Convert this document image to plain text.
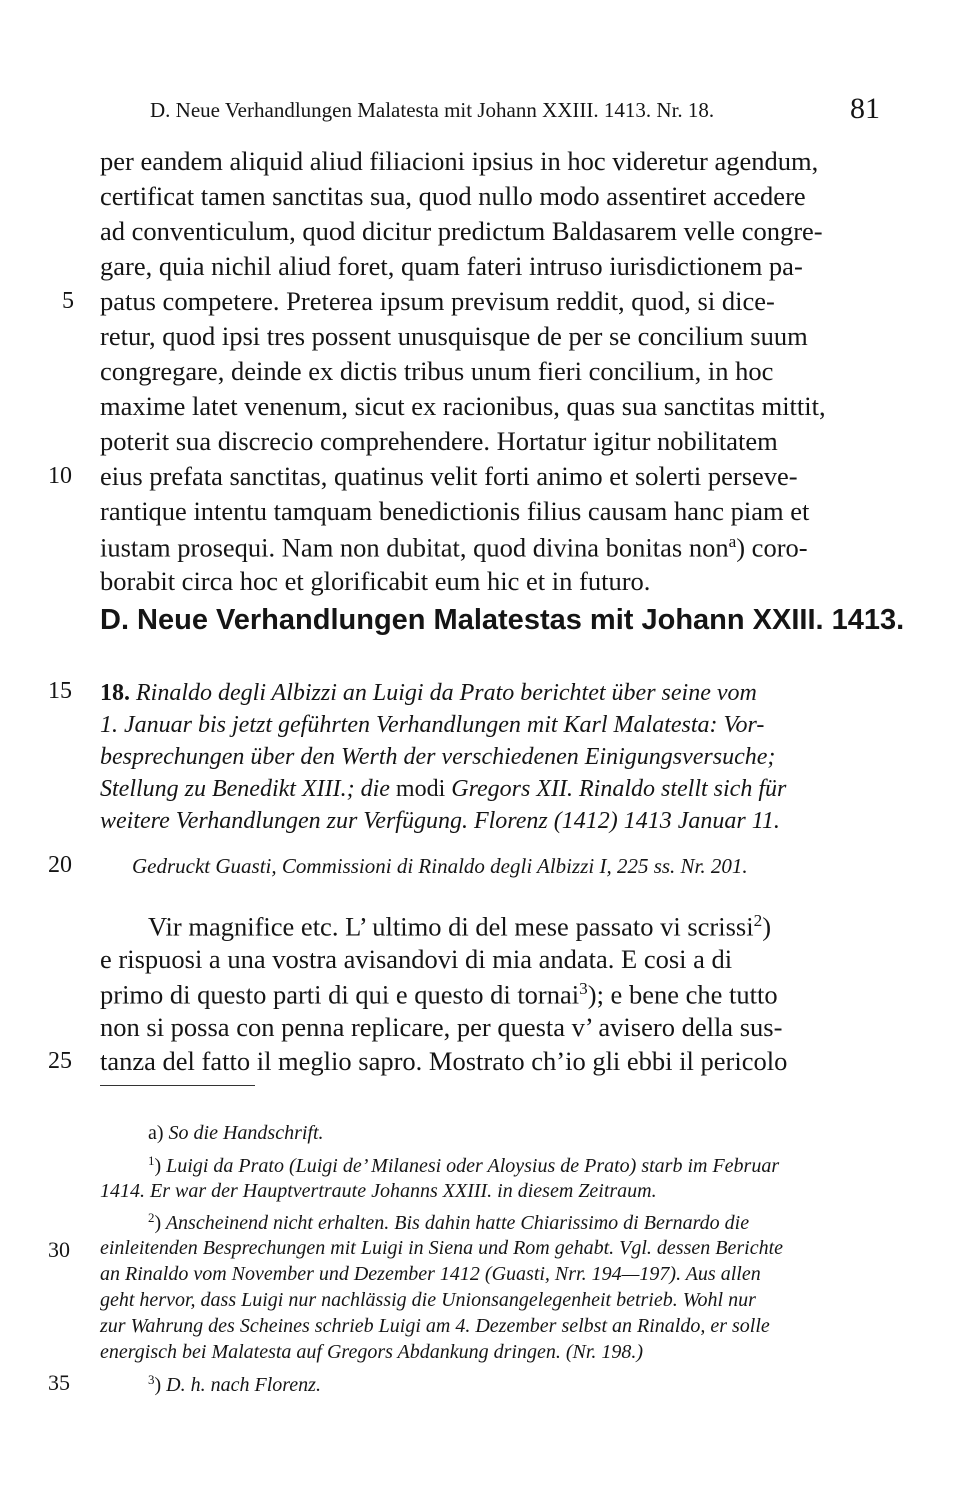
D. Neue Verhandlungen Malatesta mit Johann XXIII. 1413. Nr. 18.	81
per eandem aliquid aliud filiacioni ipsius in hoc videretur agendum,
certificat tamen sanctitas sua, quod nullo modo assentiret accedere
ad conventiculum, quod dicitur predictum Baldasarem velle congre-
gare, quia nichil aliud foret, quam fateri intruso iurisdictionem pa-
patus competere. Preterea ipsum previsum reddit, quod, si dice-
retur, quod ipsi tres possent unusquisque de per se concilium suum
congregare, deinde ex dictis tribus unum fieri concilium, in hoc
maxime latet venenum, sicut ex racionibus, quas sua sanctitas mittit,
poterit sua discrecio comprehendere. Hortatur igitur nobilitatem
eius prefata sanctitas, quatinus velit forti animo et solerti perseve-
rantique intentu tamquam benedictionis filius causam hanc piam et
iustam prosequi. Nam non dubitat, quod divina bonitas non$^a$) coro-
borabit circa hoc et glorificabit eum hic et in futuro.
5
10
D. Neue Verhandlungen Malatestas mit Johann XXIII. 1413.
15 18. Rinaldo degli Albizzi an Luigi da Prato berichtet über seine vom
1. Januar bis jetzt geführten Verhandlungen mit Karl Malatesta: Vor-
besprechungen über den Werth der verschiedenen Einigungsversuche;
Stellung zu Benedikt XIII.; die modi Gregors XII. Rinaldo stellt sich für
weitere Verhandlungen zur Verfügung. Florenz (1412) 1413 Januar 11.
20	Gedruckt Guasti, Commissioni di Rinaldo degli Albizzi I, 225 ss. Nr. 201.
Vir magnifice etc. L’ ultimo di del mese passato vi scrissi$^2$)
e rispuosi a una vostra avisandovi di mia andata. E cosi a di
primo di questo parti di qui e questo di tornai$^3$); e bene che tutto
non si possa con penna replicare, per questa v’ avisero della sus-
tanza del fatto il meglio sapro. Mostrato ch’io gli ebbi il pericolo
25
a) So die Handschrift.
$^1$) Luigi da Prato (Luigi de’ Milanesi oder Aloysius de Prato) starb im Februar
1414. Er war der Hauptvertraute Johanns XXIII. in diesem Zeitraum.
$^2$) Anscheinend nicht erhalten. Bis dahin hatte Chiarissimo di Bernardo die
einleitenden Besprechungen mit Luigi in Siena und Rom gehabt. Vgl. dessen Berichte
an Rinaldo vom November und Dezember 1412 (Guasti, Nrr. 194—197). Aus allen
geht hervor, dass Luigi nur nachlässig die Unionsangelegenheit betrieb. Wohl nur
zur Wahrung des Scheines schrieb Luigi am 4. Dezember selbst an Rinaldo, er solle
energisch bei Malatesta auf Gregors Abdankung dringen. (Nr. 198.)
30
$^3$) D. h. nach Florenz.
35
